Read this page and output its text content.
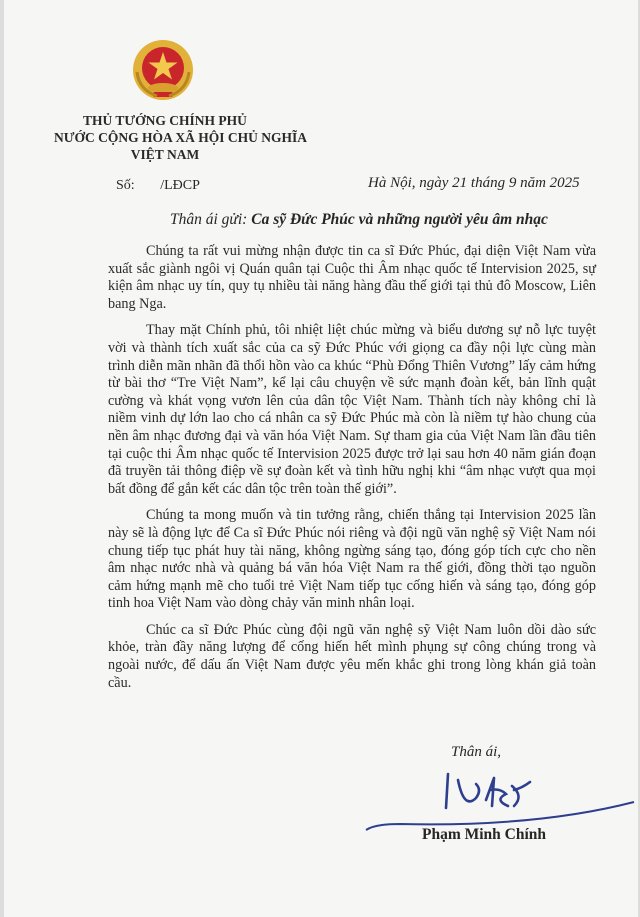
THỦ TƯỚNG CHÍNH PHỦ
NƯỚC CỘNG HÒA XÃ HỘI CHỦ NGHĨA
VIỆT NAM
Số: /LĐCP	Hà Nội, ngày 21 tháng 9 năm 2025
Thân ái gửi: Ca sỹ Đức Phúc và những người yêu âm nhạc

Chúng ta rất vui mừng nhận được tin ca sĩ Đức Phúc, đại diện Việt Nam vừa xuất sắc giành ngôi vị Quán quân tại Cuộc thi Âm nhạc quốc tế Intervision 2025, sự kiện âm nhạc uy tín, quy tụ nhiều tài năng hàng đầu thế giới tại thủ đô Moscow, Liên bang Nga.

Thay mặt Chính phủ, tôi nhiệt liệt chúc mừng và biểu dương sự nỗ lực tuyệt vời và thành tích xuất sắc của ca sỹ Đức Phúc với giọng ca đầy nội lực cùng màn trình diễn mãn nhãn đã thổi hồn vào ca khúc “Phù Đổng Thiên Vương” lấy cảm hứng từ bài thơ “Tre Việt Nam”, kể lại câu chuyện về sức mạnh đoàn kết, bản lĩnh quật cường và khát vọng vươn lên của dân tộc Việt Nam. Thành tích này không chỉ là niềm vinh dự lớn lao cho cá nhân ca sỹ Đức Phúc mà còn là niềm tự hào chung của nền âm nhạc đương đại và văn hóa Việt Nam. Sự tham gia của Việt Nam lần đầu tiên tại cuộc thi Âm nhạc quốc tế Intervision 2025 được trở lại sau hơn 40 năm gián đoạn đã truyền tải thông điệp về sự đoàn kết và tình hữu nghị khi “âm nhạc vượt qua mọi bất đồng để gắn kết các dân tộc trên toàn thế giới”.

Chúng ta mong muốn và tin tưởng rằng, chiến thắng tại Intervision 2025 lần này sẽ là động lực để Ca sĩ Đức Phúc nói riêng và đội ngũ văn nghệ sỹ Việt Nam nói chung tiếp tục phát huy tài năng, không ngừng sáng tạo, đóng góp tích cực cho nền âm nhạc nước nhà và quảng bá văn hóa Việt Nam ra thế giới, đồng thời tạo nguồn cảm hứng mạnh mẽ cho tuổi trẻ Việt Nam tiếp tục cống hiến và sáng tạo, đóng góp tinh hoa Việt Nam vào dòng chảy văn minh nhân loại.

Chúc ca sĩ Đức Phúc cùng đội ngũ văn nghệ sỹ Việt Nam luôn dồi dào sức khỏe, tràn đầy năng lượng để cống hiến hết mình phụng sự công chúng trong và ngoài nước, để dấu ấn Việt Nam được yêu mến khắc ghi trong lòng khán giả toàn cầu.

Thân ái,
Phạm Minh Chính
